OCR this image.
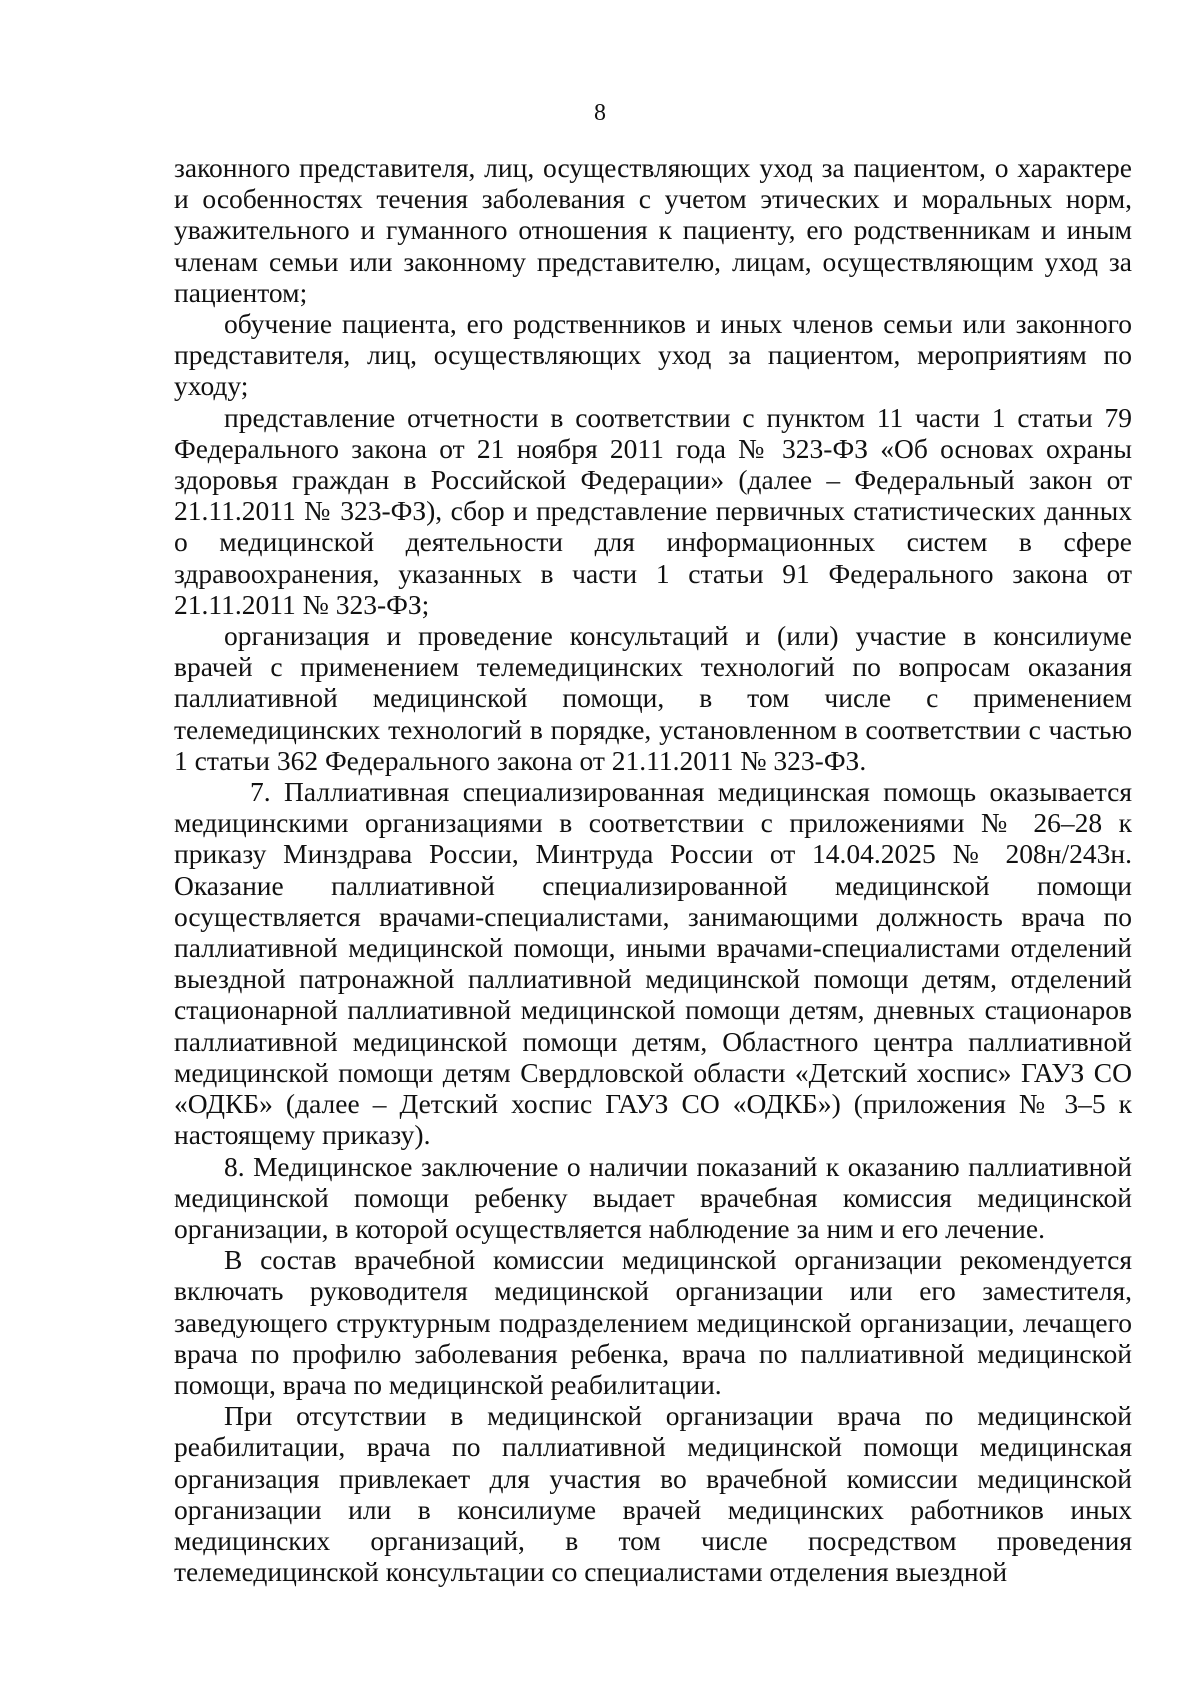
8

законного представителя, лиц, осуществляющих уход за пациентом, о характере и особенностях течения заболевания с учетом этических и моральных норм, уважительного и гуманного отношения к пациенту, его родственникам и иным членам семьи или законному представителю, лицам, осуществляющим уход за пациентом;

обучение пациента, его родственников и иных членов семьи или законного представителя, лиц, осуществляющих уход за пациентом, мероприятиям по уходу;

представление отчетности в соответствии с пунктом 11 части 1 статьи 79 Федерального закона от 21 ноября 2011 года № 323-ФЗ «Об основах охраны здоровья граждан в Российской Федерации» (далее – Федеральный закон от 21.11.2011 № 323-ФЗ), сбор и представление первичных статистических данных о медицинской деятельности для информационных систем в сфере здравоохранения, указанных в части 1 статьи 91 Федерального закона от 21.11.2011 № 323-ФЗ;

организация и проведение консультаций и (или) участие в консилиуме врачей с применением телемедицинских технологий по вопросам оказания паллиативной медицинской помощи, в том числе с применением телемедицинских технологий в порядке, установленном в соответствии с частью 1 статьи 362 Федерального закона от 21.11.2011 № 323-ФЗ.

7. Паллиативная специализированная медицинская помощь оказывается медицинскими организациями в соответствии с приложениями № 26–28 к приказу Минздрава России, Минтруда России от 14.04.2025 № 208н/243н. Оказание паллиативной специализированной медицинской помощи осуществляется врачами-специалистами, занимающими должность врача по паллиативной медицинской помощи, иными врачами-специалистами отделений выездной патронажной паллиативной медицинской помощи детям, отделений стационарной паллиативной медицинской помощи детям, дневных стационаров паллиативной медицинской помощи детям, Областного центра паллиативной медицинской помощи детям Свердловской области «Детский хоспис» ГАУЗ СО «ОДКБ» (далее – Детский хоспис ГАУЗ СО «ОДКБ») (приложения № 3–5 к настоящему приказу).

8. Медицинское заключение о наличии показаний к оказанию паллиативной медицинской помощи ребенку выдает врачебная комиссия медицинской организации, в которой осуществляется наблюдение за ним и его лечение.

В состав врачебной комиссии медицинской организации рекомендуется включать руководителя медицинской организации или его заместителя, заведующего структурным подразделением медицинской организации, лечащего врача по профилю заболевания ребенка, врача по паллиативной медицинской помощи, врача по медицинской реабилитации.

При отсутствии в медицинской организации врача по медицинской реабилитации, врача по паллиативной медицинской помощи медицинская организация привлекает для участия во врачебной комиссии медицинской организации или в консилиуме врачей медицинских работников иных медицинских организаций, в том числе посредством проведения телемедицинской консультации со специалистами отделения выездной
